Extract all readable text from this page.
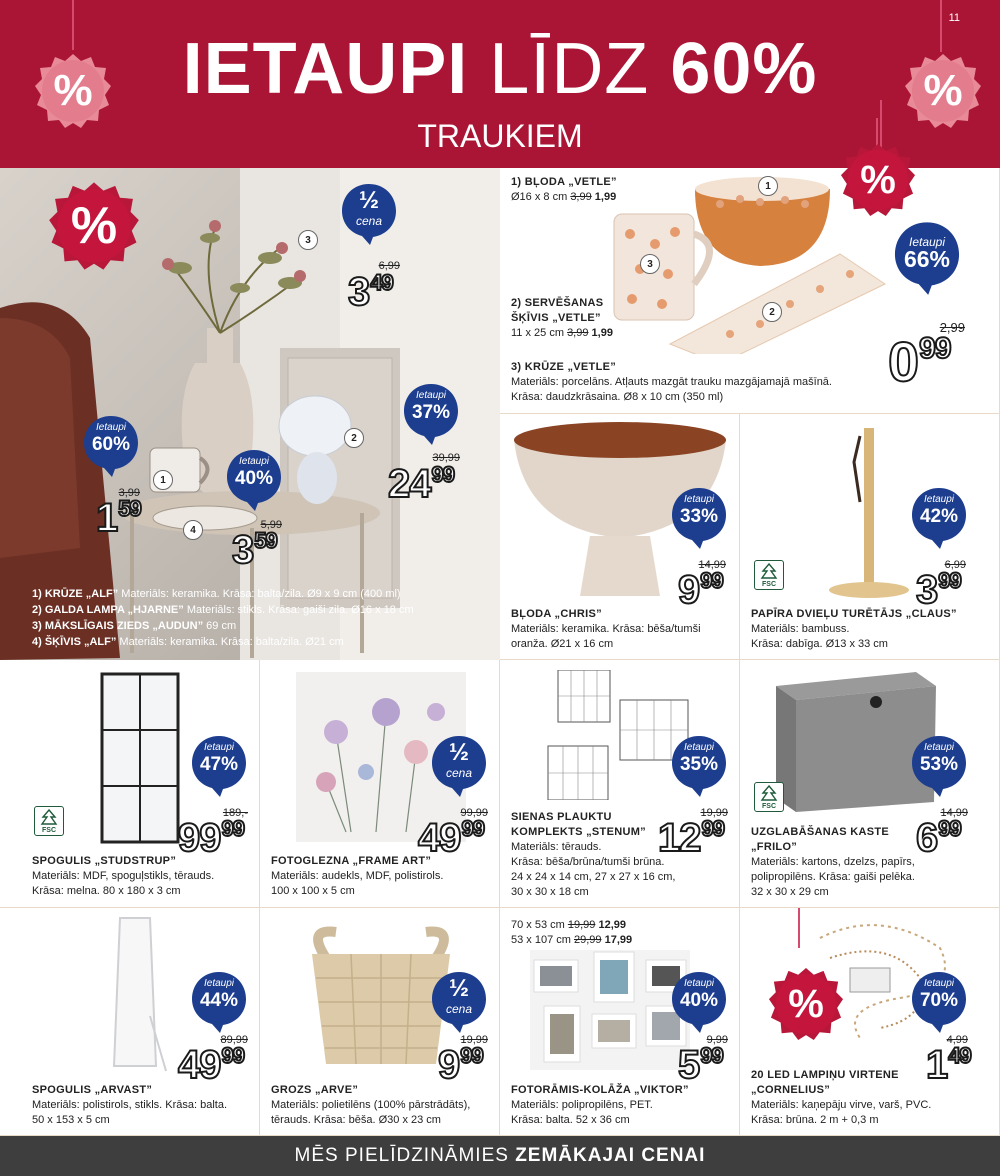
11
IETAUPI LĪDZ 60%
TRAUKIEM
%	%
3
2
1
4
1) KRŪZE „ALF” Materiāls: keramika. Krāsa: balta/zila. Ø9 x 9 cm (400 ml)
2) GALDA LAMPA „HJARNE” Materiāls: stikls. Krāsa: gaiši zila. Ø16 x 18 cm
3) MĀKSLĪGAIS ZIEDS „AUDUN” 69 cm
4) ŠĶĪVIS „ALF” Materiāls: keramika. Krāsa: balta/zila. Ø21 cm
%	½
cena
6,99
$3^{49}$
Ietaupi
37%
39,99
$24^{99}$
Ietaupi
60%
3,99
$1^{59}$
Ietaupi
40%
5,99
$3^{59}$
1
2
3
1) BĻODA „VETLE”
Ø16 x 8 cm 3,99 1,99
2) SERVĒŠANAS
ŠĶĪVIS „VETLE”
11 x 25 cm 3,99 1,99
3) KRŪZE „VETLE”
Materiāls: porcelāns. Atļauts mazgāt trauku mazgājamajā mašīnā.
Krāsa: daudzkrāsaina. Ø8 x 10 cm (350 ml)
Ietaupi
66%
2,99
$0^{99}$
%
Ietaupi
33%
14,99
$9^{99}$
BĻODA „CHRIS”
Materiāls: keramika. Krāsa: bēša/tumši
oranža. Ø21 x 16 cm
FSC
Ietaupi
42%
6,99
$3^{99}$
PAPĪRA DVIEĻU TURĒTĀJS „CLAUS”
Materiāls: bambuss.
Krāsa: dabīga. Ø13 x 33 cm
FSC
Ietaupi
47%
189,-
$99^{99}$
SPOGULIS „STUDSTRUP”
Materiāls: MDF, spoguļstikls, tērauds.
Krāsa: melna. 80 x 180 x 3 cm
½
cena
99,99
$49^{99}$
FOTOGLEZNA „FRAME ART”
Materiāls: audekls, MDF, polistirols.
100 x 100 x 5 cm
Ietaupi
35%
19,99
$12^{99}$
SIENAS PLAUKTU
KOMPLEKTS „STENUM”
Materiāls: tērauds.
Krāsa: bēša/brūna/tumši brūna.
24 x 24 x 14 cm, 27 x 27 x 16 cm,
30 x 30 x 18 cm
FSC
Ietaupi
53%
14,99
$6^{99}$
UZGLABĀŠANAS KASTE
„FRILO”
Materiāls: kartons, dzelzs, papīrs,
polipropilēns. Krāsa: gaiši pelēka.
32 x 30 x 29 cm
Ietaupi
44%
89,99
$49^{99}$
SPOGULIS „ARVAST”
Materiāls: polistirols, stikls. Krāsa: balta.
50 x 153 x 5 cm
½
cena
19,99
$9^{99}$
GROZS „ARVE”
Materiāls: polietilēns (100% pārstrādāts),
tērauds. Krāsa: bēša. Ø30 x 23 cm
70 x 53 cm 19,99 12,99
53 x 107 cm 29,99 17,99
Ietaupi
40%
9,99
$5^{99}$
FOTORĀMIS-KOLĀŽA „VIKTOR”
Materiāls: polipropilēns, PET.
Krāsa: balta. 52 x 36 cm
%	Ietaupi
70%
4,99
$1^{49}$
20 LED LAMPIŅU VIRTENE
„CORNELIUS”
Materiāls: kaņepāju virve, varš, PVC.
Krāsa: brūna. 2 m + 0,3 m
MĒS PIELĪDZINĀMIES ZEMĀKAJAI CENAI
